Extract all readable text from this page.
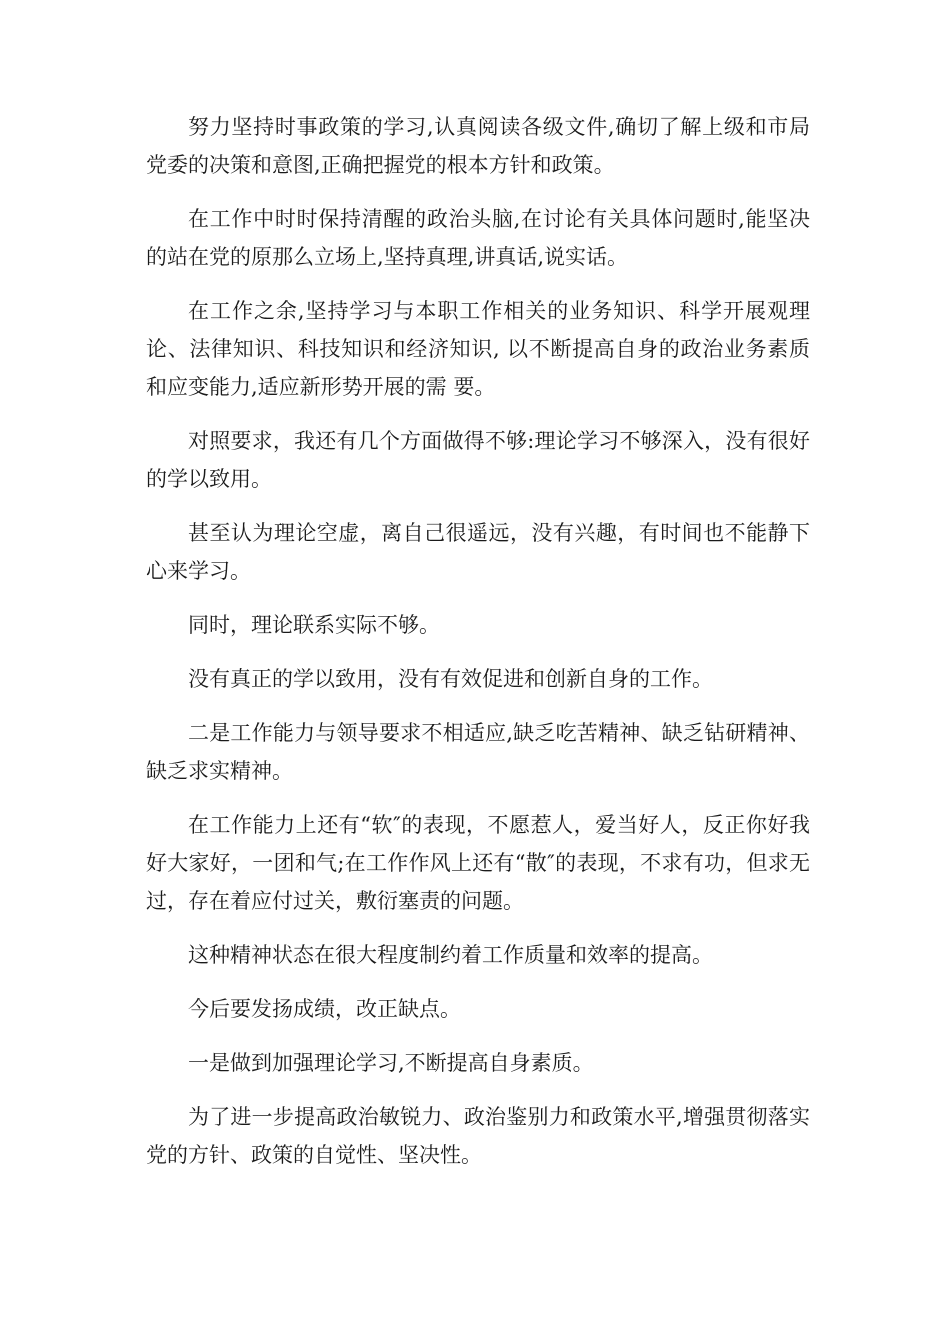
努力坚持时事政策的学习,认真阅读各级文件,确切了解上级和市局党委的决策和意图,正确把握党的根本方针和政策。

在工作中时时保持清醒的政治头脑,在讨论有关具体问题时,能坚决的站在党的原那么立场上,坚持真理,讲真话,说实话。

在工作之余,坚持学习与本职工作相关的业务知识、科学开展观理论、法律知识、科技知识和经济知识, 以不断提高自身的政治业务素质和应变能力,适应新形势开展的需 要。

对照要求，我还有几个方面做得不够:理论学习不够深入，没有很好的学以致用。

甚至认为理论空虚，离自己很遥远，没有兴趣，有时间也不能静下心来学习。

同时，理论联系实际不够。

没有真正的学以致用，没有有效促进和创新自身的工作。

二是工作能力与领导要求不相适应,缺乏吃苦精神、缺乏钻研精神、缺乏求实精神。

在工作能力上还有“软″的表现，不愿惹人，爱当好人，反正你好我好大家好，一团和气;在工作作风上还有“散″的表现，不求有功，但求无过，存在着应付过关，敷衍塞责的问题。

这种精神状态在很大程度制约着工作质量和效率的提高。

今后要发扬成绩，改正缺点。

一是做到加强理论学习,不断提高自身素质。

为了进一步提高政治敏锐力、政治鉴别力和政策水平,增强贯彻落实党的方针、政策的自觉性、坚决性。
